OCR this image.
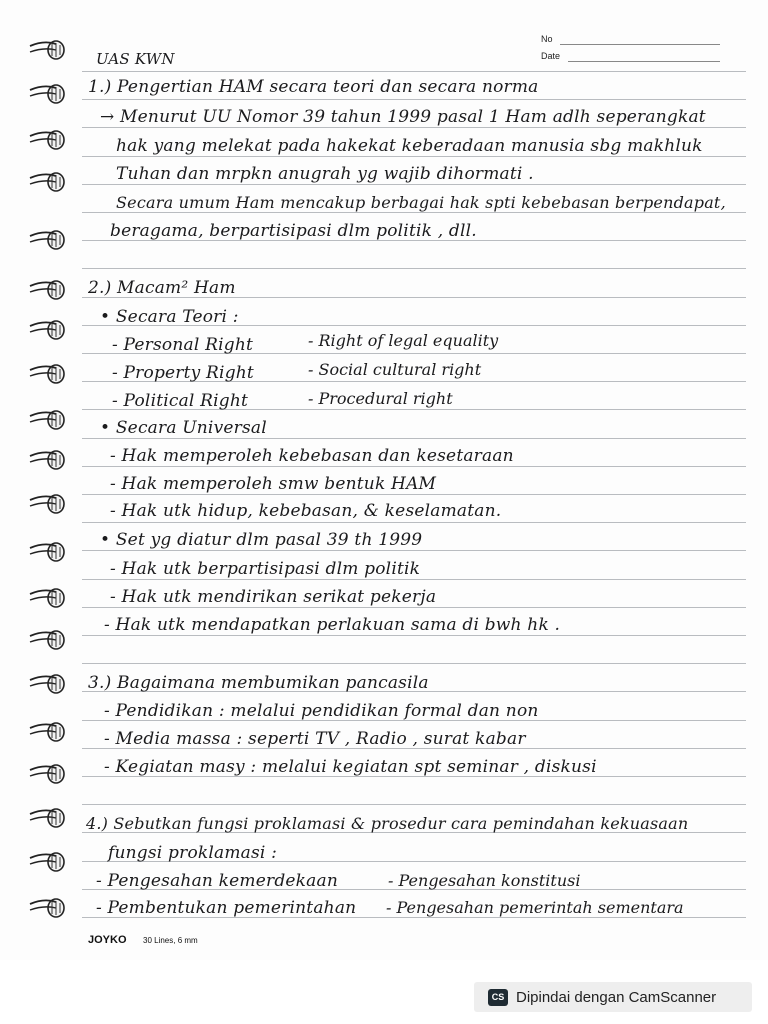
No
Date
UAS KWN
1.) Pengertian HAM secara teori dan secara norma
→ Menurut UU Nomor 39 tahun 1999 pasal 1 Ham adlh seperangkat
hak yang melekat pada hakekat keberadaan manusia sbg makhluk
Tuhan dan mrpkn anugrah yg wajib dihormati .
Secara umum Ham mencakup berbagai hak spti kebebasan berpendapat,
beragama, berpartisipasi dlm politik , dll.
2.) Macam² Ham
• Secara Teori :
- Personal Right	- Right of legal equality
- Property Right	- Social cultural right
- Political Right	- Procedural right
• Secara Universal
- Hak memperoleh kebebasan dan kesetaraan
- Hak memperoleh smw bentuk HAM
- Hak utk hidup, kebebasan, & keselamatan.
• Set yg diatur dlm pasal 39 th 1999
- Hak utk berpartisipasi dlm politik
- Hak utk mendirikan serikat pekerja
- Hak utk mendapatkan perlakuan sama di bwh hk .
3.) Bagaimana membumikan pancasila
- Pendidikan : melalui pendidikan formal dan non
- Media massa : seperti TV , Radio , surat kabar
- Kegiatan masy : melalui kegiatan spt seminar , diskusi
4.) Sebutkan fungsi proklamasi & prosedur cara pemindahan kekuasaan
fungsi proklamasi :
- Pengesahan kemerdekaan	- Pengesahan konstitusi
- Pembentukan pemerintahan - Pengesahan pemerintah sementara
JOYKO 30 Lines, 6 mm
CS Dipindai dengan CamScanner
